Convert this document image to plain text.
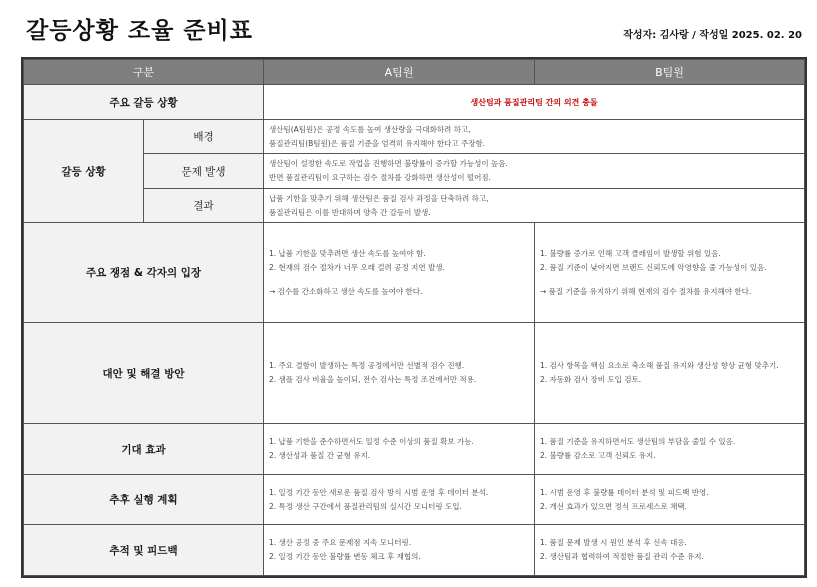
갈등상황 조율 준비표	작성자: 김사랑 / 작성일 2025. 02. 20
구분		A팀원	B팀원
주요 갈등 상황		생산팀과 품질관리팀 간의 의견 충돌	
갈등 상황	배경	생산팀(A팀원)은 공정 속도를 높여 생산량을 극대화하려 하고,
품질관리팀(B팀원)은 품질 기준을 엄격히 유지해야 한다고 주장함.	

	문제 발생	생산팀이 설정한 속도로 작업을 진행하면 불량률이 증가할 가능성이 높음.
반면 품질관리팀이 요구하는 검수 절차를 강화하면 생산성이 떨어짐.	

	결과	납품 기한을 맞추기 위해 생산팀은 품질 검사 과정을 단축하려 하고,
품질관리팀은 이를 반대하며 양측 간 갈등이 발생.	

주요 쟁점 & 각자의 입장		1. 납품 기한을 맞추려면 생산 속도를 높여야 함.
2. 현재의 검수 절차가 너무 오래 걸려 공정 지연 발생.
→ 검수를 간소화하고 생산 속도를 높여야 한다.	1. 불량률 증가로 인해 고객 클레임이 발생할 위험 있음.
2. 품질 기준이 낮아지면 브랜드 신뢰도에 악영향을 줄 가능성이 있음.
→ 품질 기준을 유지하기 위해 현재의 검수 절차를 유지해야 한다.

대안 및 해결 방안		1. 주요 결함이 발생하는 특정 공정에서만 선별적 검수 진행.
2. 샘플 검사 비율을 높이되, 전수 검사는 특정 조건에서만 적용.	1. 검사 항목을 핵심 요소로 축소해 품질 유지와 생산성 향상 균형 맞추기.
2. 자동화 검사 장비 도입 검토.

기대 효과		1. 납품 기한을 준수하면서도 일정 수준 이상의 품질 확보 가능.
2. 생산성과 품질 간 균형 유지.	1. 품질 기준을 유지하면서도 생산팀의 부담을 줄일 수 있음.
2. 불량률 감소로 고객 신뢰도 유지.

추후 실행 계획		1. 일정 기간 동안 새로운 품질 검사 방식 시범 운영 후 데이터 분석.
2. 특정 생산 구간에서 품질관리팀의 실시간 모니터링 도입.	1. 시범 운영 후 불량률 데이터 분석 및 피드백 반영.
2. 개선 효과가 있으면 정식 프로세스로 채택.

추적 및 피드백		1. 생산 공정 중 주요 문제점 지속 모니터링.
2. 일정 기간 동안 불량률 변동 체크 후 재협의.	1. 품질 문제 발생 시 원인 분석 후 신속 대응.
2. 생산팀과 협력하여 적절한 품질 관리 수준 유지.
